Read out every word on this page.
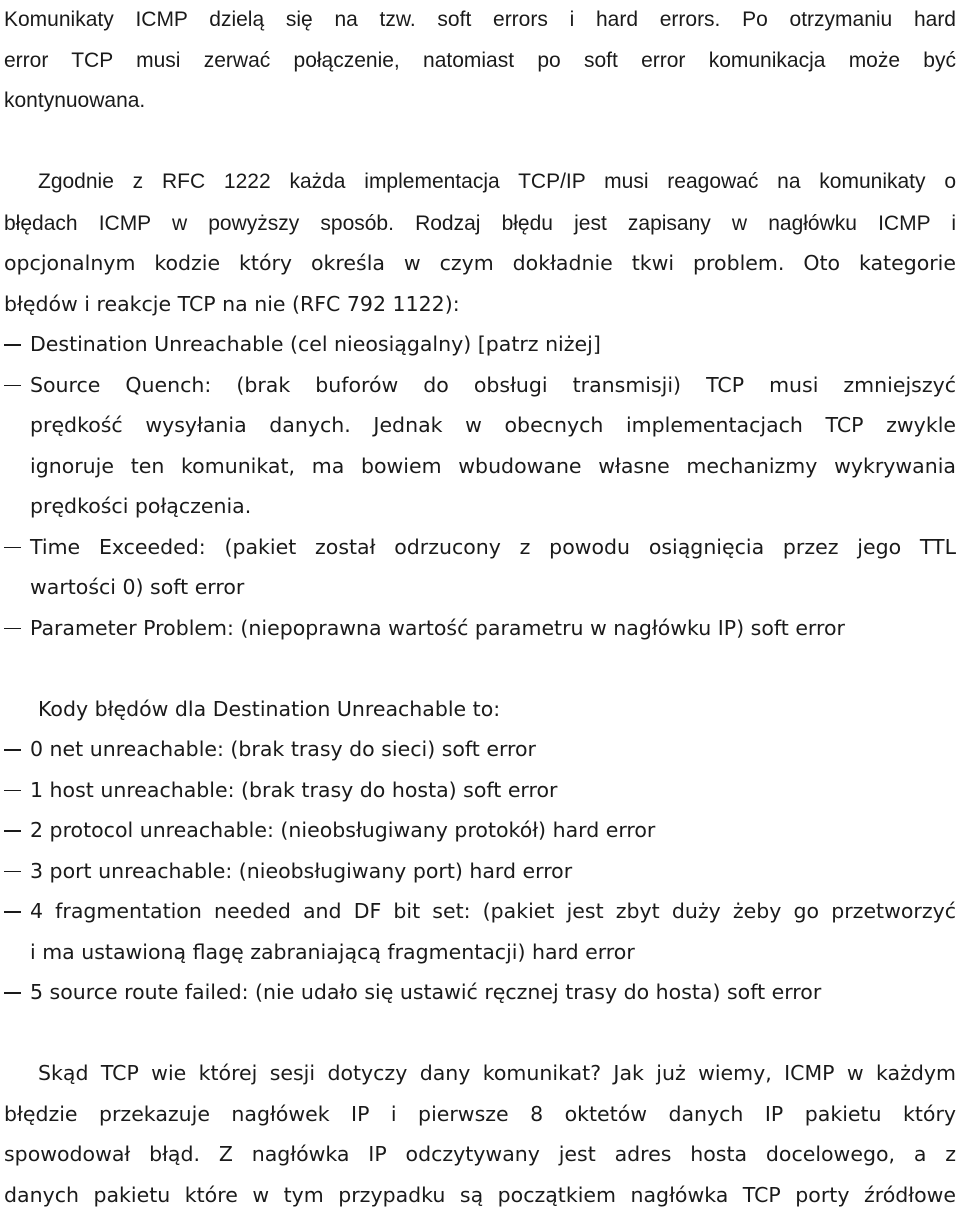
Komunikaty ICMP dzielą się na tzw. soft errors i hard errors. Po otrzymaniu hard
error TCP musi zerwać połączenie, natomiast po soft error komunikacja może być
kontynuowana.
Zgodnie z RFC 1222 każda implementacja TCP/IP musi reagować na komunikaty o
błędach ICMP w powyższy sposób. Rodzaj błędu jest zapisany w nagłówku ICMP i
opcjonalnym kodzie który określa w czym dokładnie tkwi problem. Oto kategorie
błędów i reakcje TCP na nie (RFC 792 1122):
Destination Unreachable (cel nieosiągalny) [patrz niżej]
Source Quench: (brak buforów do obsługi transmisji) TCP musi zmniejszyć
prędkość wysyłania danych. Jednak w obecnych implementacjach TCP zwykle
ignoruje ten komunikat, ma bowiem wbudowane własne mechanizmy wykrywania
prędkości połączenia.
Time Exceeded: (pakiet został odrzucony z powodu osiągnięcia przez jego TTL
wartości 0) soft error
Parameter Problem: (niepoprawna wartość parametru w nagłówku IP) soft error
Kody błędów dla Destination Unreachable to:
0 net unreachable: (brak trasy do sieci) soft error
1 host unreachable: (brak trasy do hosta) soft error
2 protocol unreachable: (nieobsługiwany protokół) hard error
3 port unreachable: (nieobsługiwany port) hard error
4 fragmentation needed and DF bit set: (pakiet jest zbyt duży żeby go przetworzyć
i ma ustawioną flagę zabraniającą fragmentacji) hard error
5 source route failed: (nie udało się ustawić ręcznej trasy do hosta) soft error
Skąd TCP wie której sesji dotyczy dany komunikat? Jak już wiemy, ICMP w każdym
błędzie przekazuje nagłówek IP i pierwsze 8 oktetów danych IP pakietu który
spowodował błąd. Z nagłówka IP odczytywany jest adres hosta docelowego, a z
danych pakietu które w tym przypadku są początkiem nagłówka TCP porty źródłowe
